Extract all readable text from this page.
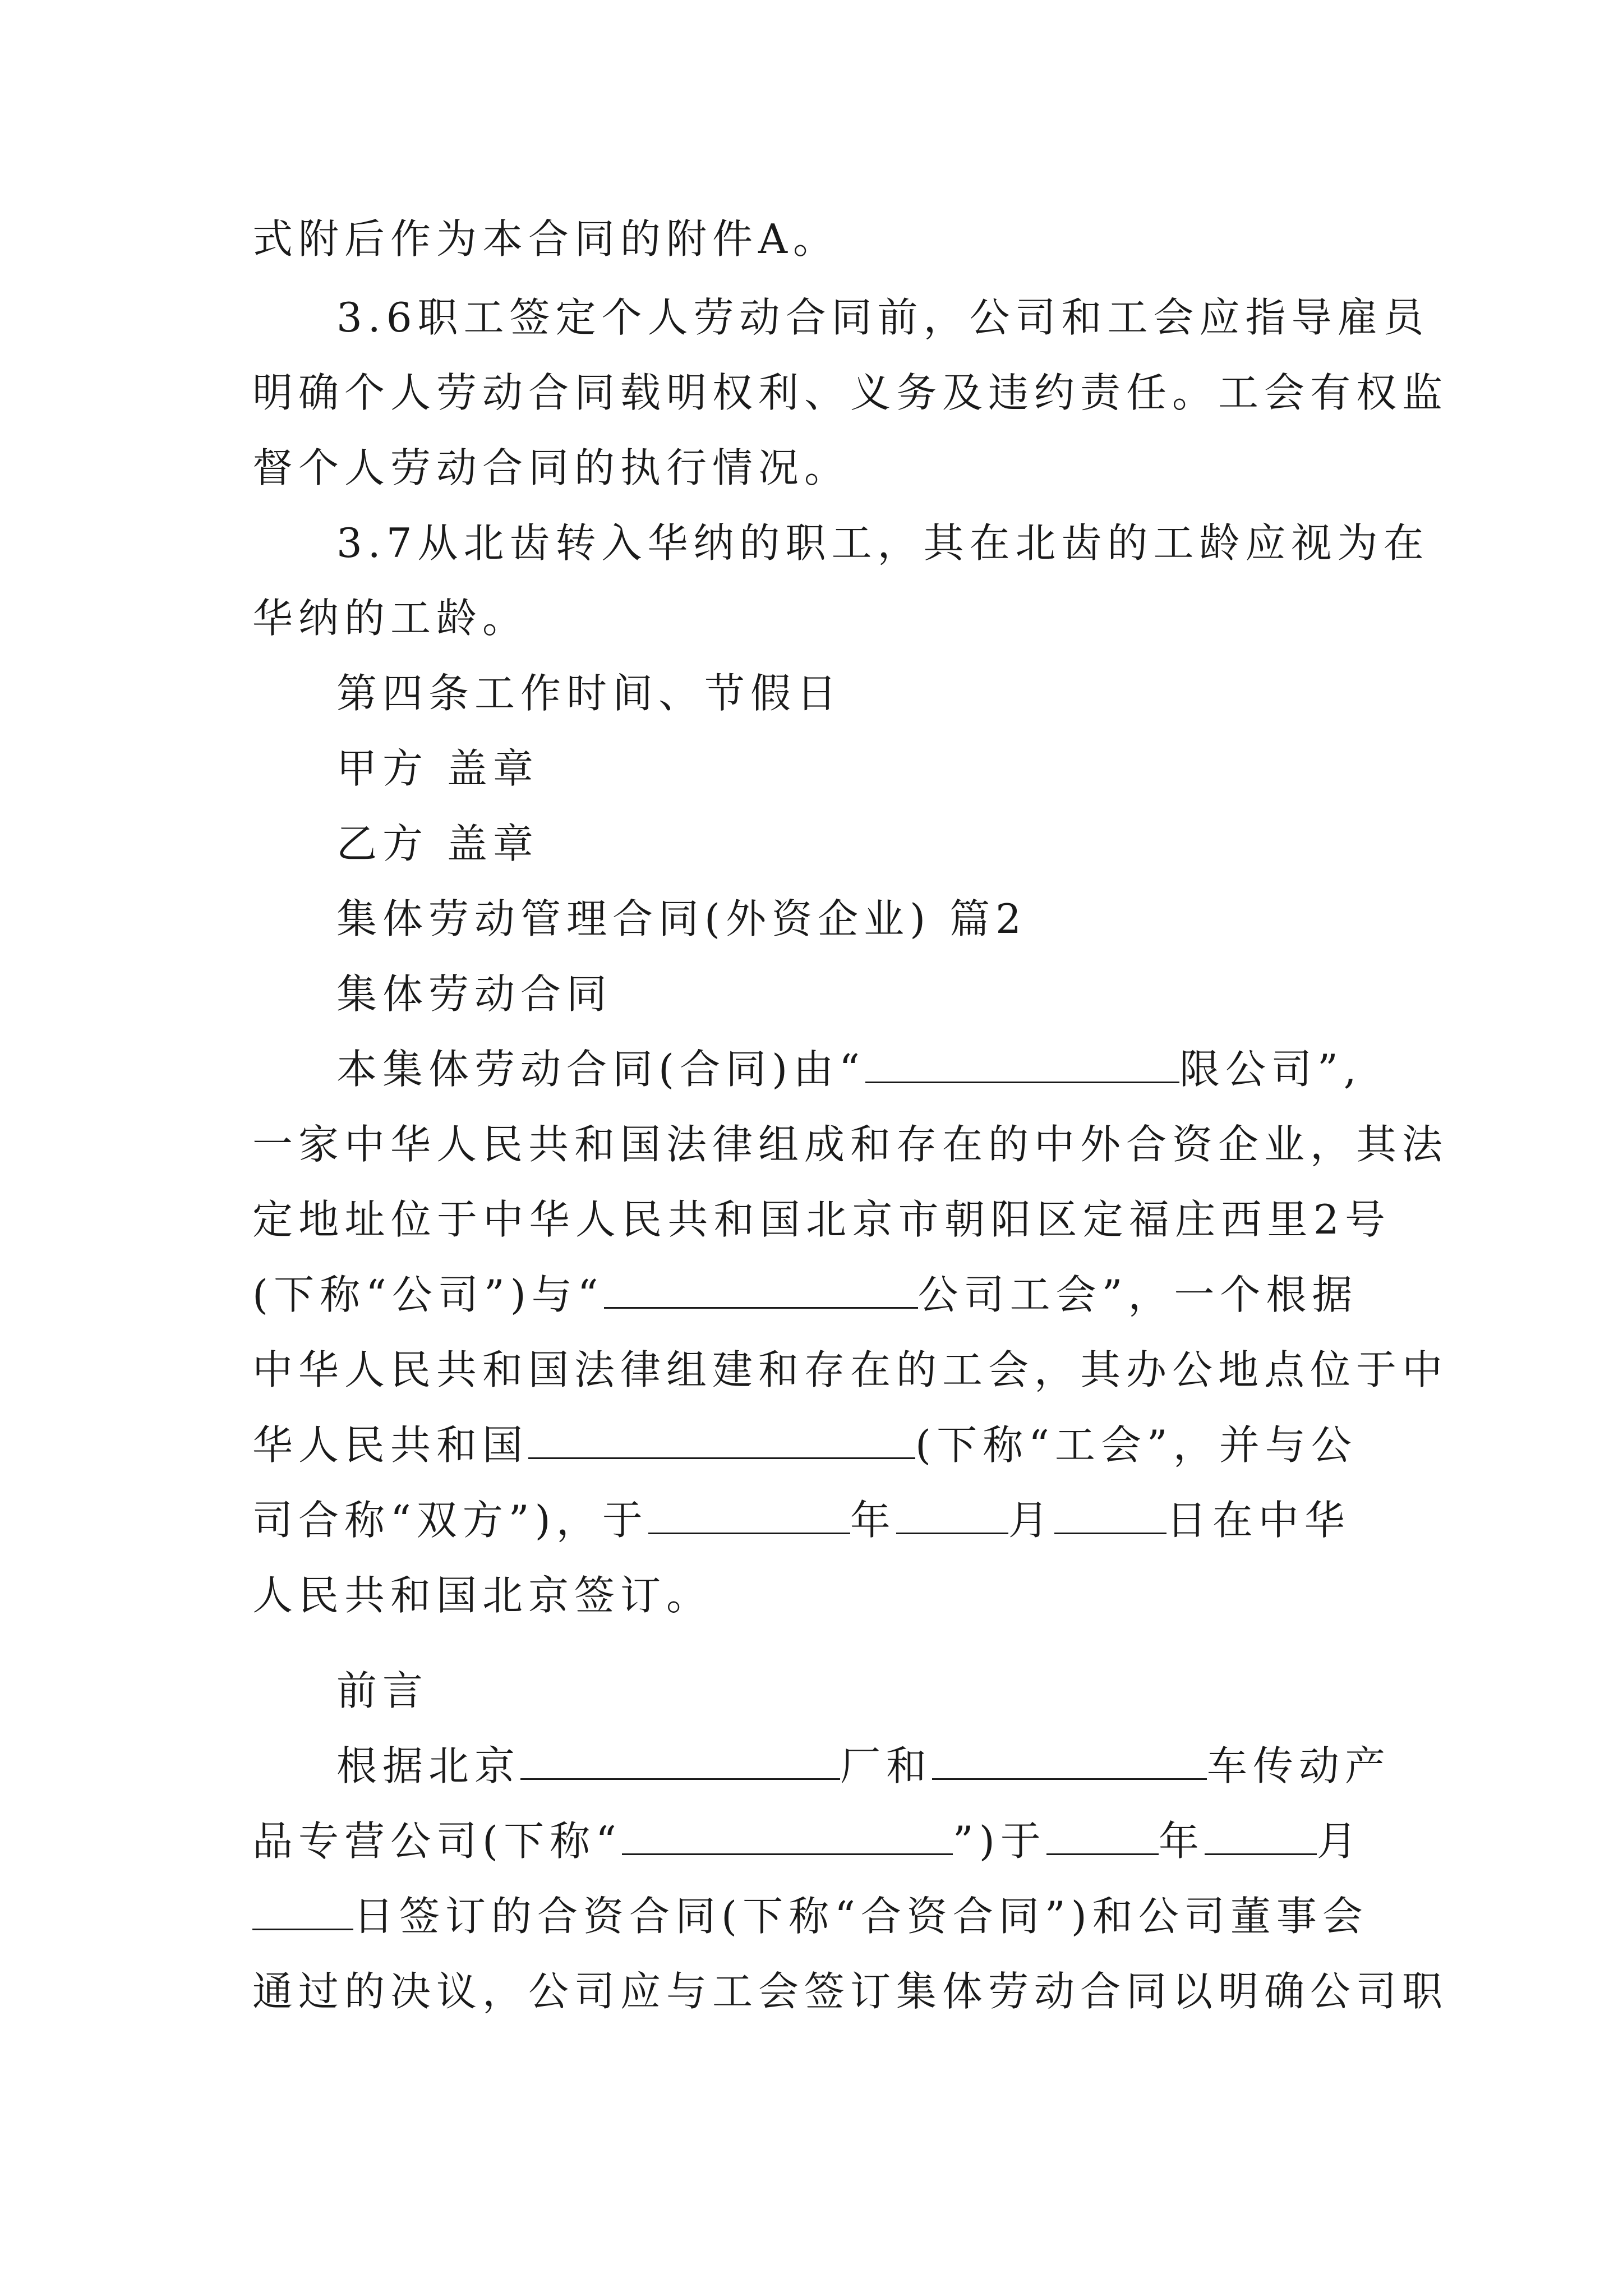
式附后作为本合同的附件A。
3.6职工签定个人劳动合同前，公司和工会应指导雇员
明确个人劳动合同载明权利、义务及违约责任。工会有权监
督个人劳动合同的执行情况。
3.7从北齿转入华纳的职工，其在北齿的工龄应视为在
华纳的工龄。
第四条工作时间、节假日
甲方 盖章
乙方 盖章
集体劳动管理合同(外资企业) 篇2
集体劳动合同
本集体劳动合同(合同)由“	限公司”,
一家中华人民共和国法律组成和存在的中外合资企业，其法
定地址位于中华人民共和国北京市朝阳区定福庄西里2号
(下称“公司”)与“	公司工会”，一个根据
中华人民共和国法律组建和存在的工会，其办公地点位于中
华人民共和国	(下称“工会”，并与公
司合称“双方”)，于	年	月	日在中华
人民共和国北京签订。
前言
根据北京	厂和	车传动产
品专营公司(下称“	”)于	年	月
日签订的合资合同(下称“合资合同”)和公司董事会
通过的决议，公司应与工会签订集体劳动合同以明确公司职
